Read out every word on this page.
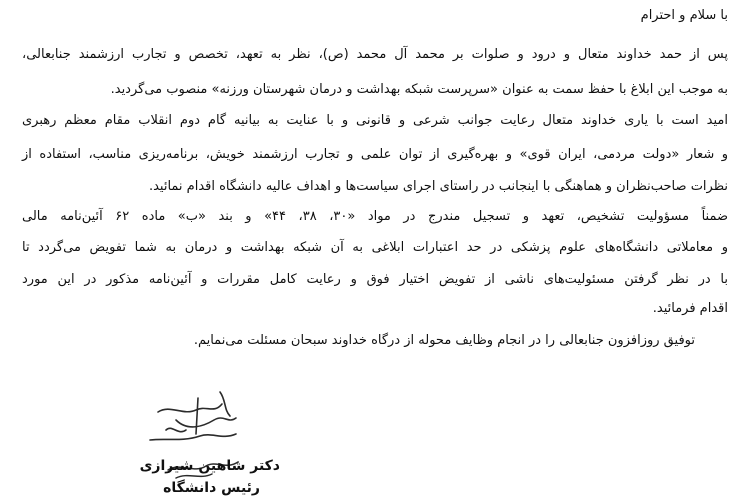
با سلام و احترام
پس از حمد خداوند متعال و درود و صلوات بر محمد آل محمد (ص)، نظر به تعهد، تخصص و تجارب ارزشمند جنابعالی،
به موجب این ابلاغ با حفظ سمت به عنوان «سرپرست شبکه بهداشت و درمان شهرستان ورزنه» منصوب می‌گردید.
امید است با یاری خداوند متعال رعایت جوانب شرعی و قانونی و با عنایت به بیانیه گام دوم انقلاب مقام معظم رهبری
و شعار «دولت مردمی، ایران قوی» و بهره‌گیری از توان علمی و تجارب ارزشمند خویش، برنامه‌ریزی مناسب، استفاده از
نظرات صاحب‌نظران و هماهنگی با اینجانب در راستای اجرای سیاست‌ها و اهداف عالیه دانشگاه اقدام نمائید.
ضمناً مسؤولیت تشخیص، تعهد و تسجیل مندرج در مواد «۳۰، ۳۸، ۴۴» و بند «ب» ماده ۶۲ آئین‌نامه مالی
و معاملاتی دانشگاه‌های علوم پزشکی در حد اعتبارات ابلاغی به آن شبکه بهداشت و درمان به شما تفویض می‌گردد تا
با در نظر گرفتن مسئولیت‌های ناشی از تفویض اختیار فوق و رعایت کامل مقررات و آئین‌نامه مذکور در این مورد
اقدام فرمائید.
توفیق روزافزون جنابعالی را در انجام وظایف محوله از درگاه خداوند سبحان مسئلت می‌نمایم.
دکتر شاهین شیرازی
رئیس دانشگاه
